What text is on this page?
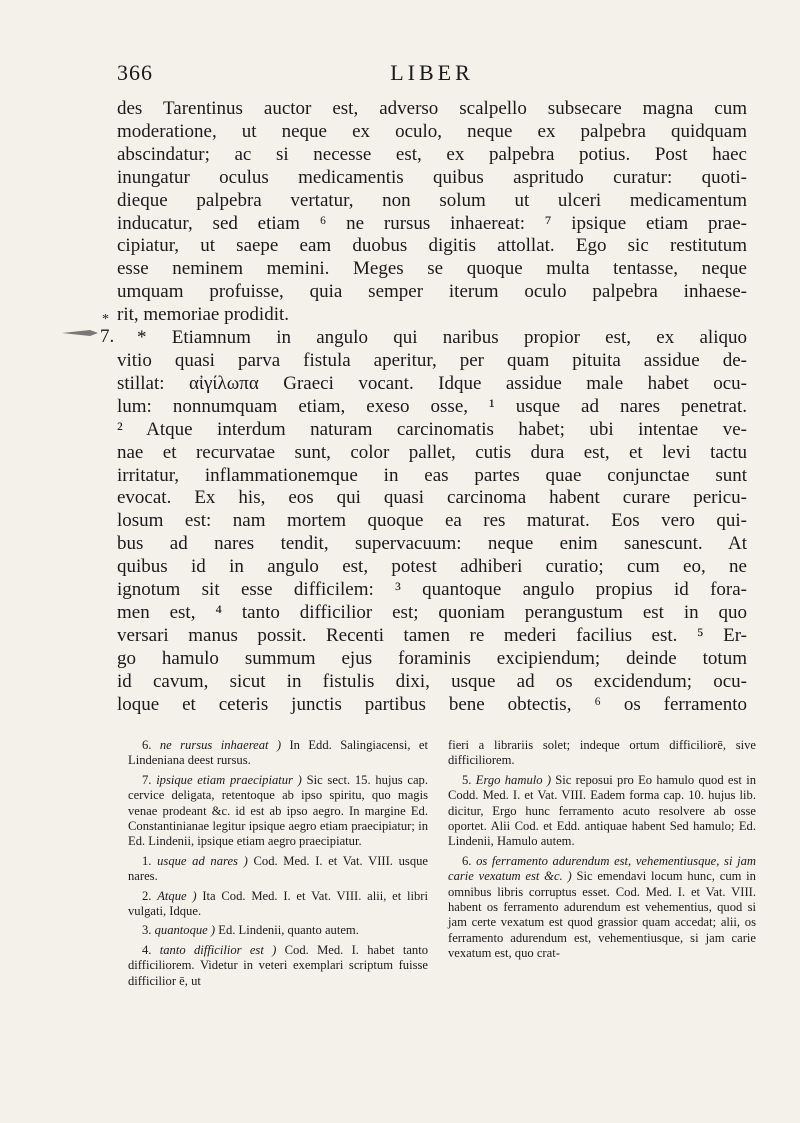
366	LIBER
*
7.
des Tarentinus auctor est, adverso scalpello subsecare magna cum
moderatione, ut neque ex oculo, neque ex palpebra quidquam
abscindatur; ac si necesse est, ex palpebra potius. Post haec
inungatur oculus medicamentis quibus aspritudo curatur: quoti-
dieque palpebra vertatur, non solum ut ulceri medicamentum
inducatur, sed etiam ⁶ ne rursus inhaereat: ⁷ ipsique etiam prae-
cipiatur, ut saepe eam duobus digitis attollat. Ego sic restitutum
esse neminem memini. Meges se quoque multa tentasse, neque
umquam profuisse, quia semper iterum oculo palpebra inhaese-
rit, memoriae prodidit.
* Etiamnum in angulo qui naribus propior est, ex aliquo
vitio quasi parva fistula aperitur, per quam pituita assidue de-
stillat: αἰγίλωπα Graeci vocant. Idque assidue male habet ocu-
lum: nonnumquam etiam, exeso osse, ¹ usque ad nares penetrat.
² Atque interdum naturam carcinomatis habet; ubi intentae ve-
nae et recurvatae sunt, color pallet, cutis dura est, et levi tactu
irritatur, inflammationemque in eas partes quae conjunctae sunt
evocat. Ex his, eos qui quasi carcinoma habent curare pericu-
losum est: nam mortem quoque ea res maturat. Eos vero qui-
bus ad nares tendit, supervacuum: neque enim sanescunt. At
quibus id in angulo est, potest adhiberi curatio; cum eo, ne
ignotum sit esse difficilem: ³ quantoque angulo propius id fora-
men est, ⁴ tanto difficilior est; quoniam perangustum est in quo
versari manus possit. Recenti tamen re mederi facilius est. ⁵ Er-
go hamulo summum ejus foraminis excipiendum; deinde totum
id cavum, sicut in fistulis dixi, usque ad os excidendum; ocu-
loque et ceteris junctis partibus bene obtectis, ⁶ os ferramento

6. ne rursus inhaereat ) In Edd. Salingiacensi, et Lindeniana deest rursus.

7. ipsique etiam praecipiatur ) Sic sect. 15. hujus cap. cervice deligata, retentoque ab ipso spiritu, quo magis venae prodeant &c. id est ab ipso aegro. In margine Ed. Constantinianae legitur ipsique aegro etiam praecipiatur; in Ed. Lindenii, ipsique etiam aegro praecipiatur.

1. usque ad nares ) Cod. Med. I. et Vat. VIII. usque nares.

2. Atque ) Ita Cod. Med. I. et Vat. VIII. alii, et libri vulgati, Idque.

3. quantoque ) Ed. Lindenii, quanto autem.

4. tanto difficilior est ) Cod. Med. I. habet tanto difficiliorem. Videtur in veteri exemplari scriptum fuisse difficilior ē, ut

fieri a librariis solet; indeque ortum difficiliorē, sive difficiliorem.

5. Ergo hamulo ) Sic reposui pro Eo hamulo quod est in Codd. Med. I. et Vat. VIII. Eadem forma cap. 10. hujus lib. dicitur, Ergo hunc ferramento acuto resolvere ab osse oportet. Alii Cod. et Edd. antiquae habent Sed hamulo; Ed. Lindenii, Hamulo autem.

6. os ferramento adurendum est, vehementiusque, si jam carie vexatum est &c. ) Sic emendavi locum hunc, cum in omnibus libris corruptus esset. Cod. Med. I. et Vat. VIII. habent os ferramento adurendum est vehementius, quod si jam certe vexatum est quod grassior quam accedat; alii, os ferramento adurendum est, vehementiusque, si jam carie vexatum est, quo crat-
